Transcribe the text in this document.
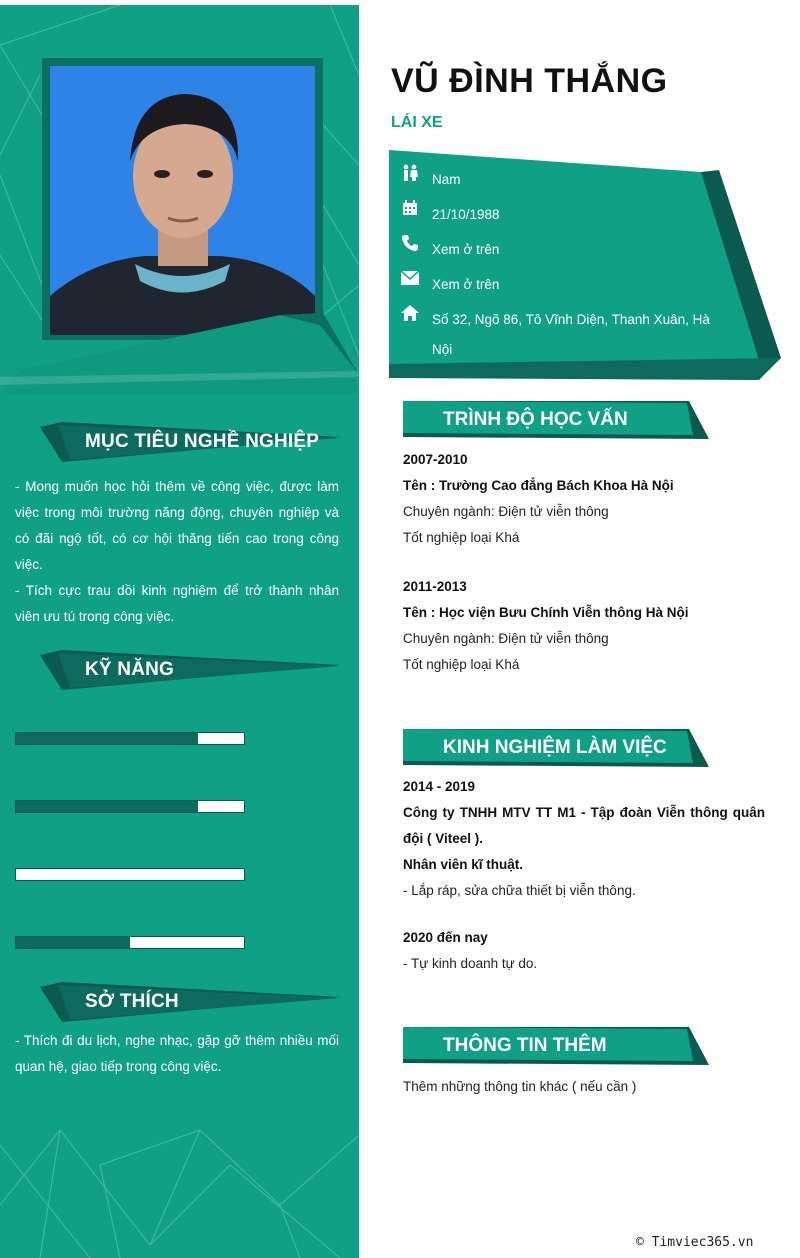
MỤC TIÊU NGHỀ NGHIỆP
- Mong muốn học hỏi thêm về công việc, được làm việc trong môi trường năng động, chuyên nghiệp và có đãi ngộ tốt, có cơ hội thăng tiến cao trong công việc.
- Tích cực trau dồi kinh nghiệm để trở thành nhân viên ưu tú trong công việc.
KỸ NĂNG
SỞ THÍCH
- Thích đi du lịch, nghe nhạc, gặp gỡ thêm nhiều mối quan hệ, giao tiếp trong công việc.
VŨ ĐÌNH THẮNG
LÁI XE
Nam
21/10/1988
Xem ở trên
Xem ở trên
Số 32, Ngõ 86, Tô Vĩnh Diện, Thanh Xuân, Hà Nội
TRÌNH ĐỘ HỌC VẤN
2007-2010
Tên : Trường Cao đẳng Bách Khoa Hà Nội
Chuyên ngành: Điện tử viễn thông
Tốt nghiệp loại Khá
2011-2013
Tên : Học viện Bưu Chính Viễn thông Hà Nội
Chuyên ngành: Điện tử viễn thông
Tốt nghiệp loại Khá
KINH NGHIỆM LÀM VIỆC
2014 - 2019
Công ty TNHH MTV TT M1 - Tập đoàn Viễn thông quân đội ( Viteel ).
Nhân viên kĩ thuật.
- Lắp ráp, sửa chữa thiết bị viễn thông.
2020 đến nay
- Tự kinh doanh tự do.
THÔNG TIN THÊM
Thêm những thông tin khác ( nếu cần )
© Timviec365.vn
